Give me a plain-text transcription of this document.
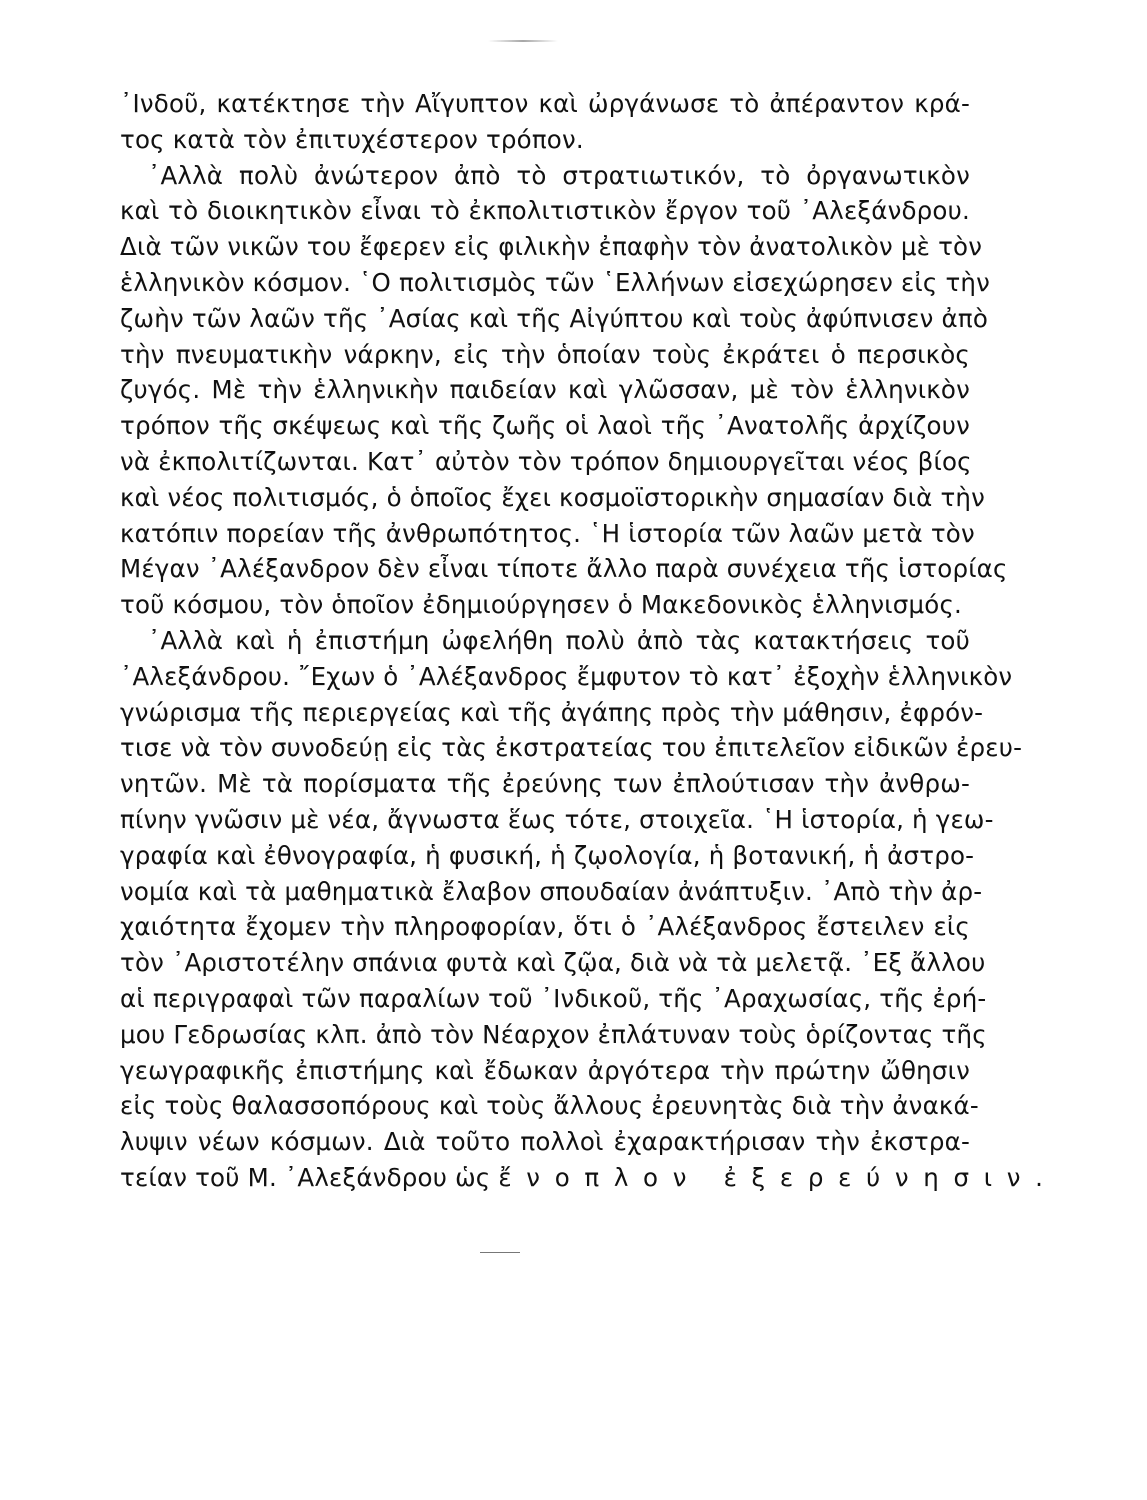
᾿Ινδοῦ, κατέκτησε τὴν Αἴγυπτον καὶ ὠργάνωσε τὸ ἀπέραντον κρά-
τος κατὰ τὸν ἐπιτυχέστερον τρόπον.
᾿Αλλὰ πολὺ ἀνώτερον ἀπὸ τὸ στρατιωτικόν, τὸ ὀργανωτικὸν
καὶ τὸ διοικητικὸν εἶναι τὸ ἐκπολιτιστικὸν ἔργον τοῦ ᾿Αλεξάνδρου.
Διὰ τῶν νικῶν του ἔφερεν εἰς φιλικὴν ἐπαφὴν τὸν ἀνατολικὸν μὲ τὸν
ἑλληνικὸν κόσμον. ῾Ο πολιτισμὸς τῶν ῾Ελλήνων εἰσεχώρησεν εἰς τὴν
ζωὴν τῶν λαῶν τῆς ᾿Ασίας καὶ τῆς Αἰγύπτου καὶ τοὺς ἀφύπνισεν ἀπὸ
τὴν πνευματικὴν νάρκην, εἰς τὴν ὁποίαν τοὺς ἐκράτει ὁ περσικὸς
ζυγός. Μὲ τὴν ἑλληνικὴν παιδείαν καὶ γλῶσσαν, μὲ τὸν ἑλληνικὸν
τρόπον τῆς σκέψεως καὶ τῆς ζωῆς οἱ λαοὶ τῆς ᾿Ανατολῆς ἀρχίζουν
νὰ ἐκπολιτίζωνται. Κατ᾿ αὐτὸν τὸν τρόπον δημιουργεῖται νέος βίος
καὶ νέος πολιτισμός, ὁ ὁποῖος ἔχει κοσμοϊστορικὴν σημασίαν διὰ τὴν
κατόπιν πορείαν τῆς ἀνθρωπότητος. ῾Η ἱστορία τῶν λαῶν μετὰ τὸν
Μέγαν ᾿Αλέξανδρον δὲν εἶναι τίποτε ἄλλο παρὰ συνέχεια τῆς ἱστορίας
τοῦ κόσμου, τὸν ὁποῖον ἐδημιούργησεν ὁ Μακεδονικὸς ἑλληνισμός.
᾿Αλλὰ καὶ ἡ ἐπιστήμη ὠφελήθη πολὺ ἀπὸ τὰς κατακτήσεις τοῦ
᾿Αλεξάνδρου. ῎Εχων ὁ ᾿Αλέξανδρος ἔμφυτον τὸ κατ᾿ ἐξοχὴν ἑλληνικὸν
γνώρισμα τῆς περιεργείας καὶ τῆς ἀγάπης πρὸς τὴν μάθησιν, ἐφρόν-
τισε νὰ τὸν συνοδεύῃ εἰς τὰς ἐκστρατείας του ἐπιτελεῖον εἰδικῶν ἐρευ-
νητῶν. Μὲ τὰ πορίσματα τῆς ἐρεύνης των ἐπλούτισαν τὴν ἀνθρω-
πίνην γνῶσιν μὲ νέα, ἄγνωστα ἕως τότε, στοιχεῖα. ῾Η ἱστορία, ἡ γεω-
γραφία καὶ ἐθνογραφία, ἡ φυσική, ἡ ζῳολογία, ἡ βοτανική, ἡ ἀστρο-
νομία καὶ τὰ μαθηματικὰ ἔλαβον σπουδαίαν ἀνάπτυξιν. ᾿Απὸ τὴν ἀρ-
χαιότητα ἔχομεν τὴν πληροφορίαν, ὅτι ὁ ᾿Αλέξανδρος ἔστειλεν εἰς
τὸν ᾿Αριστοτέλην σπάνια φυτὰ καὶ ζῷα, διὰ νὰ τὰ μελετᾷ. ᾿Εξ ἄλλου
αἱ περιγραφαὶ τῶν παραλίων τοῦ ᾿Ινδικοῦ, τῆς ᾿Αραχωσίας, τῆς ἐρή-
μου Γεδρωσίας κλπ. ἀπὸ τὸν Νέαρχον ἐπλάτυναν τοὺς ὁρίζοντας τῆς
γεωγραφικῆς ἐπιστήμης καὶ ἔδωκαν ἀργότερα τὴν πρώτην ὤθησιν
εἰς τοὺς θαλασσοπόρους καὶ τοὺς ἄλλους ἐρευνητὰς διὰ τὴν ἀνακά-
λυψιν νέων κόσμων. Διὰ τοῦτο πολλοὶ ἐχαρακτήρισαν τὴν ἐκστρα-
τείαν τοῦ Μ. ᾿Αλεξάνδρου ὡς ἔνοπλον ἐξερεύνησιν.
